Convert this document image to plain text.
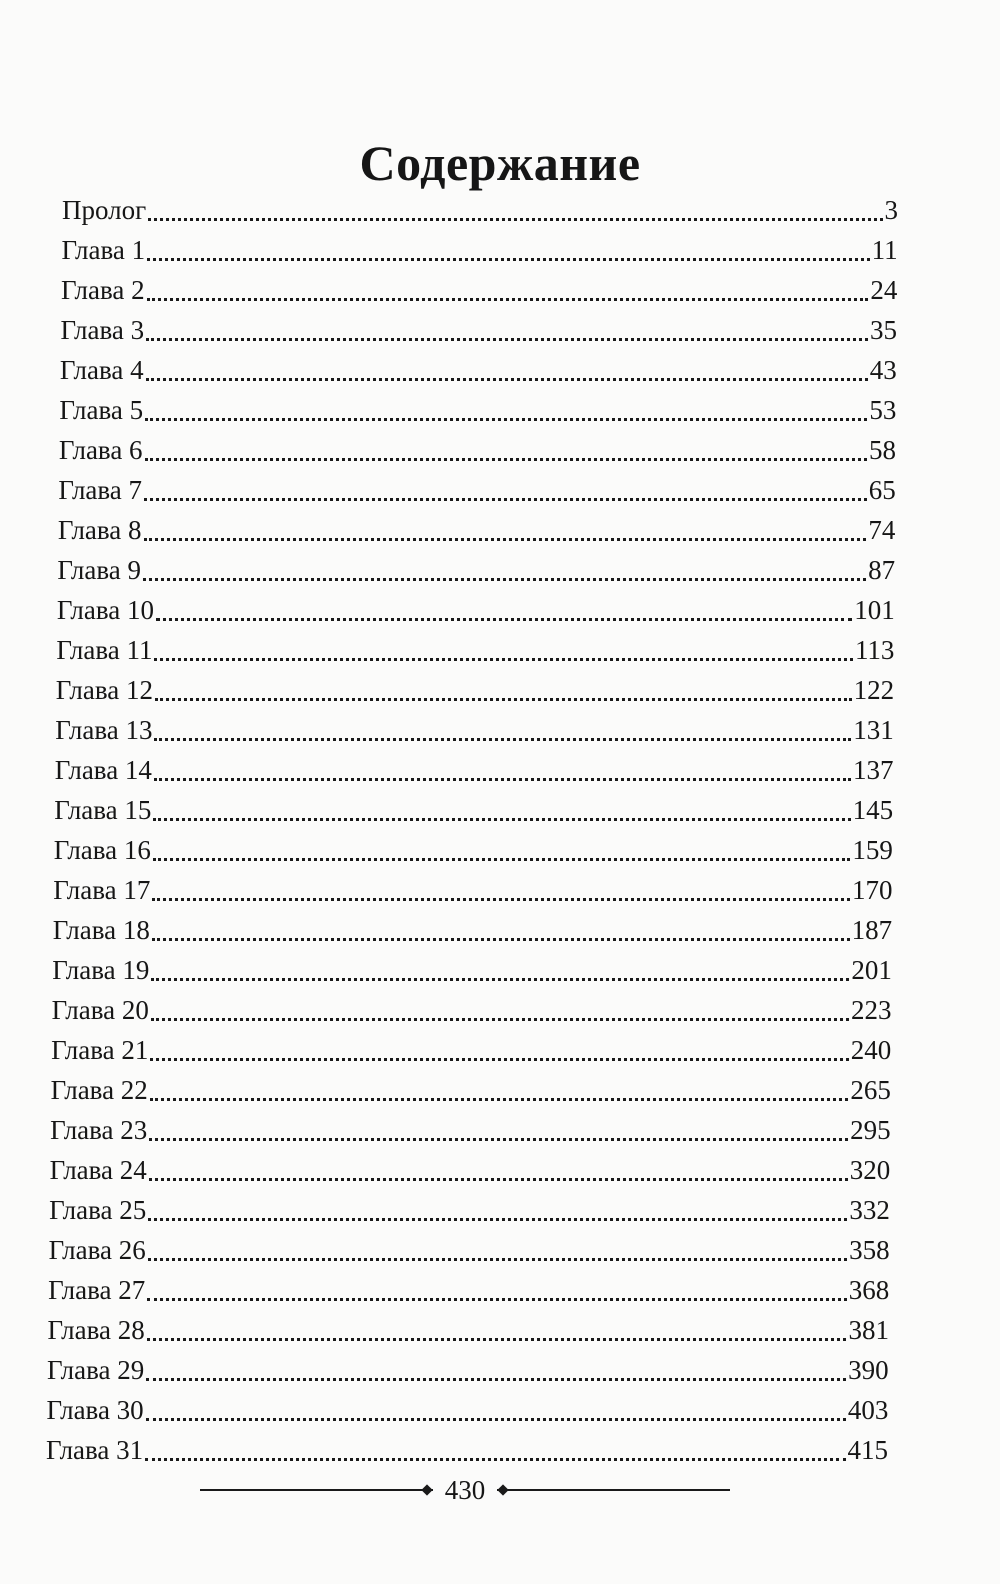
Содержание
Пролог	3
Глава 1	11
Глава 2	24
Глава 3	35
Глава 4	43
Глава 5	53
Глава 6	58
Глава 7	65
Глава 8	74
Глава 9	87
Глава 10	101
Глава 11	113
Глава 12	122
Глава 13	131
Глава 14	137
Глава 15	145
Глава 16	159
Глава 17	170
Глава 18	187
Глава 19	201
Глава 20	223
Глава 21	240
Глава 22	265
Глава 23	295
Глава 24	320
Глава 25	332
Глава 26	358
Глава 27	368
Глава 28	381
Глава 29	390
Глава 30	403
Глава 31	415
430
